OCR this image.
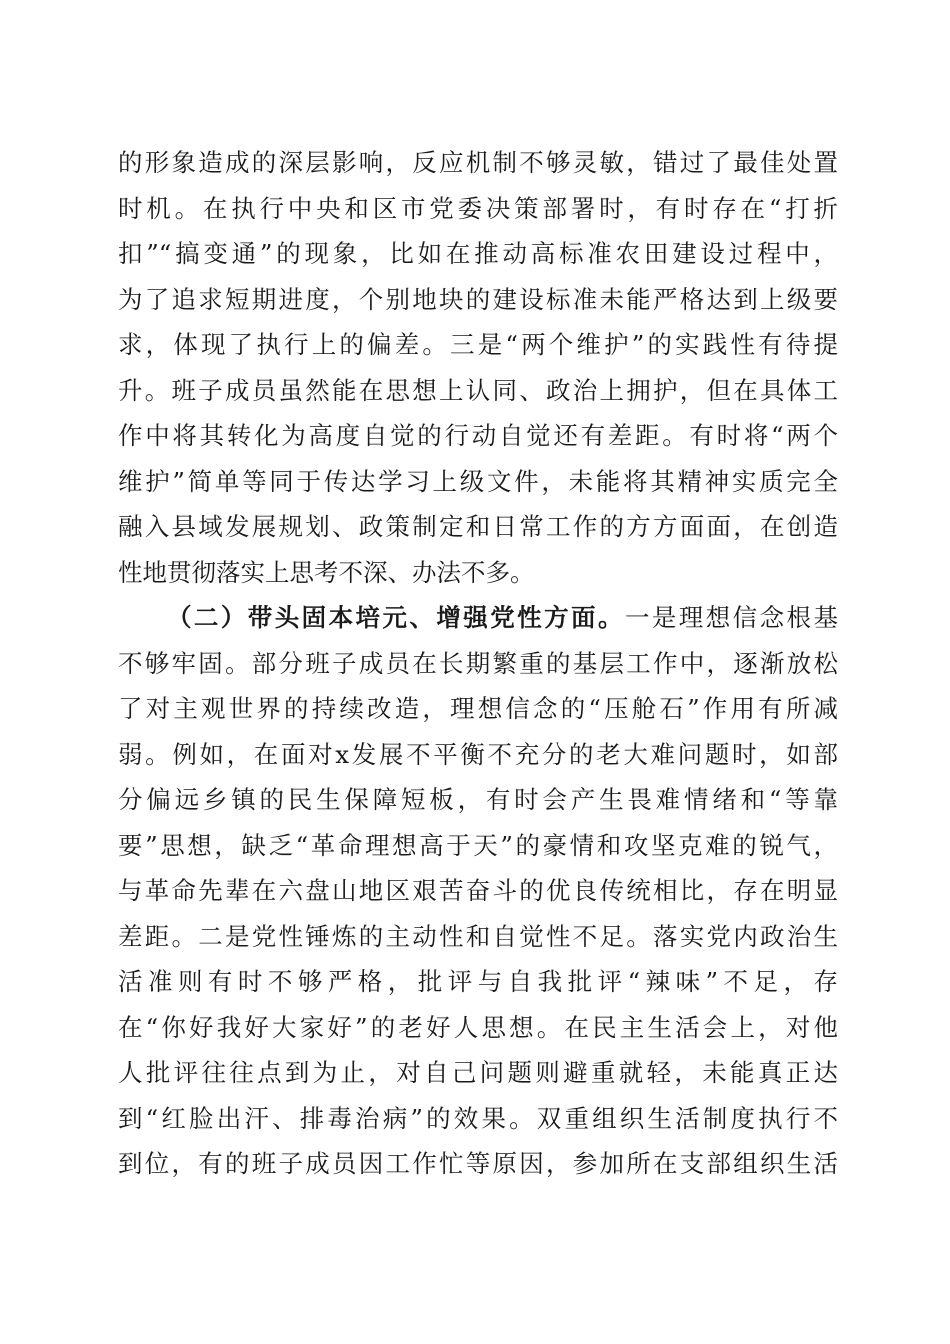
的形象造成的深层影响，反应机制不够灵敏，错过了最佳处置
时机。在执行中央和区市党委决策部署时，有时存在“打折
扣”“搞变通”的现象，比如在推动高标准农田建设过程中，
为了追求短期进度，个别地块的建设标准未能严格达到上级要
求，体现了执行上的偏差。三是“两个维护”的实践性有待提
升。班子成员虽然能在思想上认同、政治上拥护，但在具体工
作中将其转化为高度自觉的行动自觉还有差距。有时将“两个
维护”简单等同于传达学习上级文件，未能将其精神实质完全
融入县域发展规划、政策制定和日常工作的方方面面，在创造
性地贯彻落实上思考不深、办法不多。
（二）带头固本培元、增强党性方面。一是理想信念根基
不够牢固。部分班子成员在长期繁重的基层工作中，逐渐放松
了对主观世界的持续改造，理想信念的“压舱石”作用有所减
弱。例如，在面对x发展不平衡不充分的老大难问题时，如部
分偏远乡镇的民生保障短板，有时会产生畏难情绪和“等靠
要”思想，缺乏“革命理想高于天”的豪情和攻坚克难的锐气，
与革命先辈在六盘山地区艰苦奋斗的优良传统相比，存在明显
差距。二是党性锤炼的主动性和自觉性不足。落实党内政治生
活准则有时不够严格，批评与自我批评“辣味”不足，存
在“你好我好大家好”的老好人思想。在民主生活会上，对他
人批评往往点到为止，对自己问题则避重就轻，未能真正达
到“红脸出汗、排毒治病”的效果。双重组织生活制度执行不
到位，有的班子成员因工作忙等原因，参加所在支部组织生活
